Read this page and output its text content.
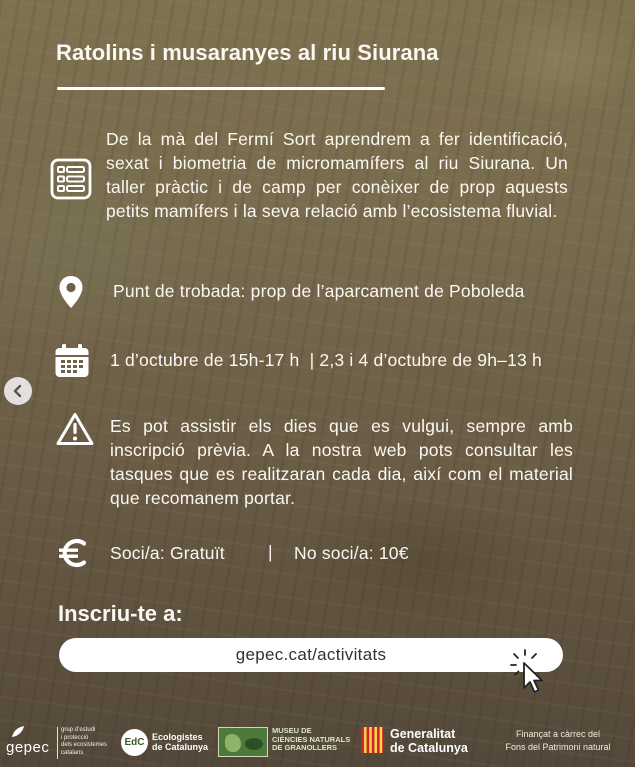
Ratolins i musaranyes al riu Siurana
De la mà del Fermí Sort aprendrem a fer identificació, sexat i biometria de micromamífers al riu Siurana. Un taller pràctic i de camp per conèixer de prop aquests petits mamífers i la seva relació amb l’ecosistema fluvial.
Punt de trobada: prop de l’aparcament de Poboleda
1 d’octubre de 15h-17 h  | 2,3 i 4 d’octubre de 9h–13 h
Es pot assistir els dies que es vulgui, sempre amb inscripció prèvia. A la nostra web pots consultar les tasques que es realitzaran cada dia, així com el material que recomanem portar.
Soci/a: Gratuït | No soci/a: 10€
Inscriu-te a:
gepec.cat/activitats
gepec
grup d’estudi
i protecció
dels ecosistemes
catalans
EdC Ecologistes
de Catalunya
MUSEU DE
CIÈNCIES NATURALS
DE GRANOLLERS
Generalitat
de Catalunya
Finançat a càrrec del
Fons del Patrimoni natural
